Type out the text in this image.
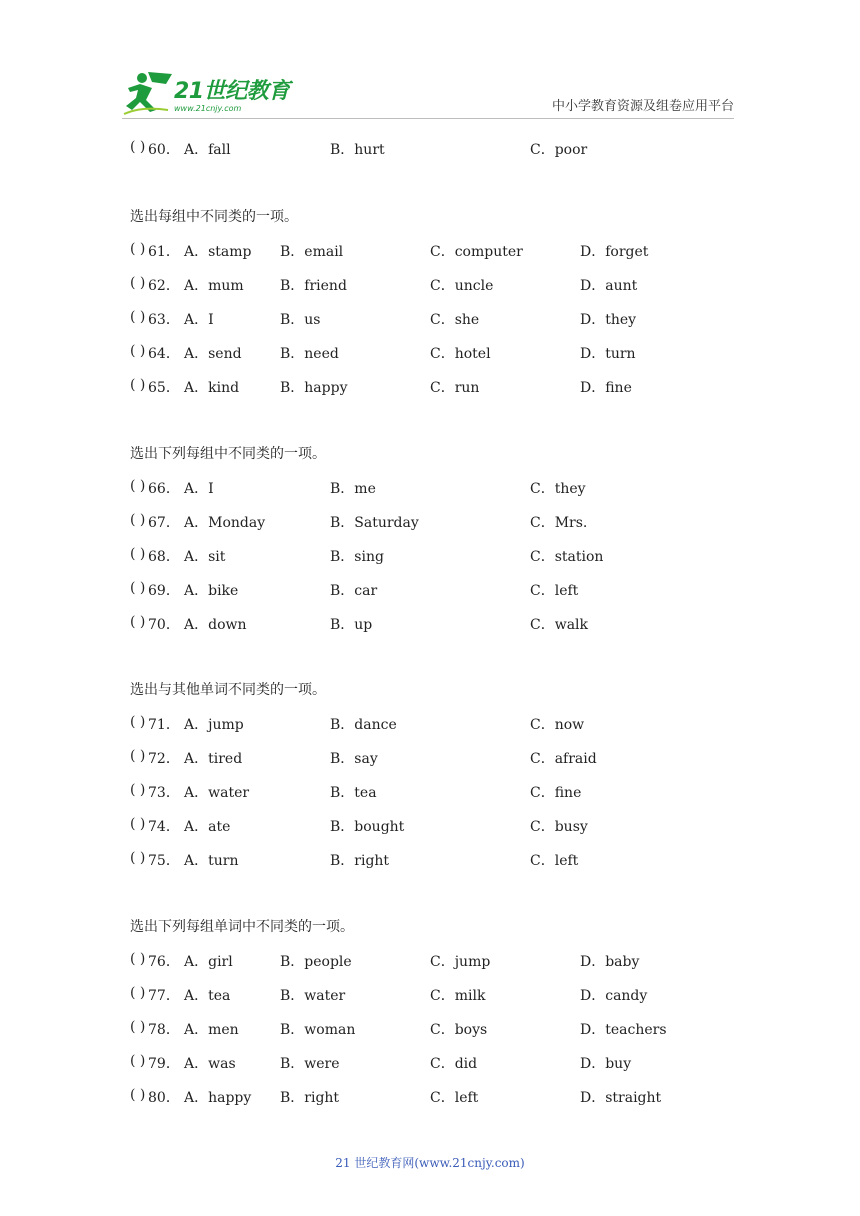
21世纪教育
www.21cnjy.com	中小学教育资源及组卷应用平台
( ) 60． A．fall	B．hurt	C．poor
选出每组中不同类的一项。
( ) 61． A．stamp B．email	C．computer	D．forget
( ) 62． A．mum	B．friend	C．uncle	D．aunt
( ) 63． A．I	B．us	C．she	D．they
( ) 64． A．send	B．need	C．hotel	D．turn
( ) 65． A．kind	B．happy	C．run	D．fine
选出下列每组中不同类的一项。
( ) 66． A．I	B．me	C．they
( ) 67． A．Monday	B．Saturday	C．Mrs.
( ) 68． A．sit	B．sing	C．station
( ) 69． A．bike	B．car	C．left
( ) 70． A．down	B．up	C．walk
选出与其他单词不同类的一项。
( ) 71． A．jump	B．dance	C．now
( ) 72． A．tired	B．say	C．afraid
( ) 73． A．water	B．tea	C．fine
( ) 74． A．ate	B．bought	C．busy
( ) 75． A．turn	B．right	C．left
选出下列每组单词中不同类的一项。
( ) 76． A．girl	B．people	C．jump	D．baby
( ) 77． A．tea	B．water	C．milk	D．candy
( ) 78． A．men	B．woman	C．boys	D．teachers
( ) 79． A．was	B．were	C．did	D．buy
( ) 80． A．happy B．right	C．left	D．straight
21 世纪教育网(www.21cnjy.com)
